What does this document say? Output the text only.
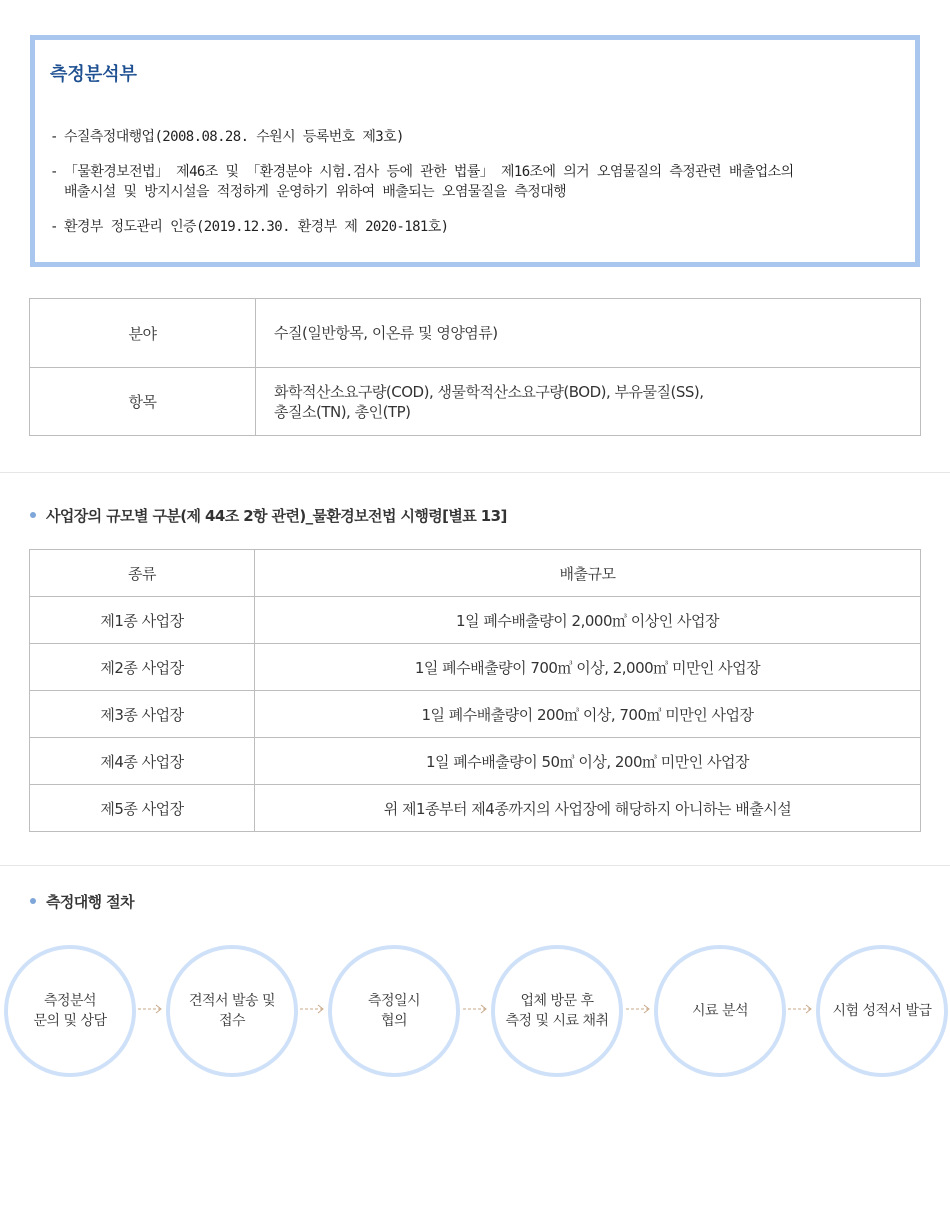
측정분석부
- 수질측정대행업(2008.08.28. 수원시 등록번호 제3호)
- 「물환경보전법」 제46조 및 「환경분야 시험.검사 등에 관한 법률」 제16조에 의거 오염물질의 측정관련 배출업소의
배출시설 및 방지시설을 적정하게 운영하기 위하여 배출되는 오염물질을 측정대행
- 환경부 정도관리 인증(2019.12.30. 환경부 제 2020-181호)
분야	수질(일반항목, 이온류 및 영양염류)
항목	화학적산소요구량(COD), 생물학적산소요구량(BOD), 부유물질(SS),
총질소(TN), 총인(TP)
사업장의 규모별 구분(제 44조 2항 관련)_물환경보전법 시행령[별표 13]
종류	배출규모
제1종 사업장	1일 폐수배출량이 2,000㎥ 이상인 사업장
제2종 사업장	1일 폐수배출량이 700㎥ 이상, 2,000㎥ 미만인 사업장
제3종 사업장	1일 폐수배출량이 200㎥ 이상, 700㎥ 미만인 사업장
제4종 사업장	1일 폐수배출량이 50㎥ 이상, 200㎥ 미만인 사업장
제5종 사업장	위 제1종부터 제4종까지의 사업장에 해당하지 아니하는 배출시설
측정대행 절차
측정분석
문의 및 상담
견적서 발송 및
접수
측정일시
협의
업체 방문 후
측정 및 시료 채취
시료 분석	시험 성적서 발급
